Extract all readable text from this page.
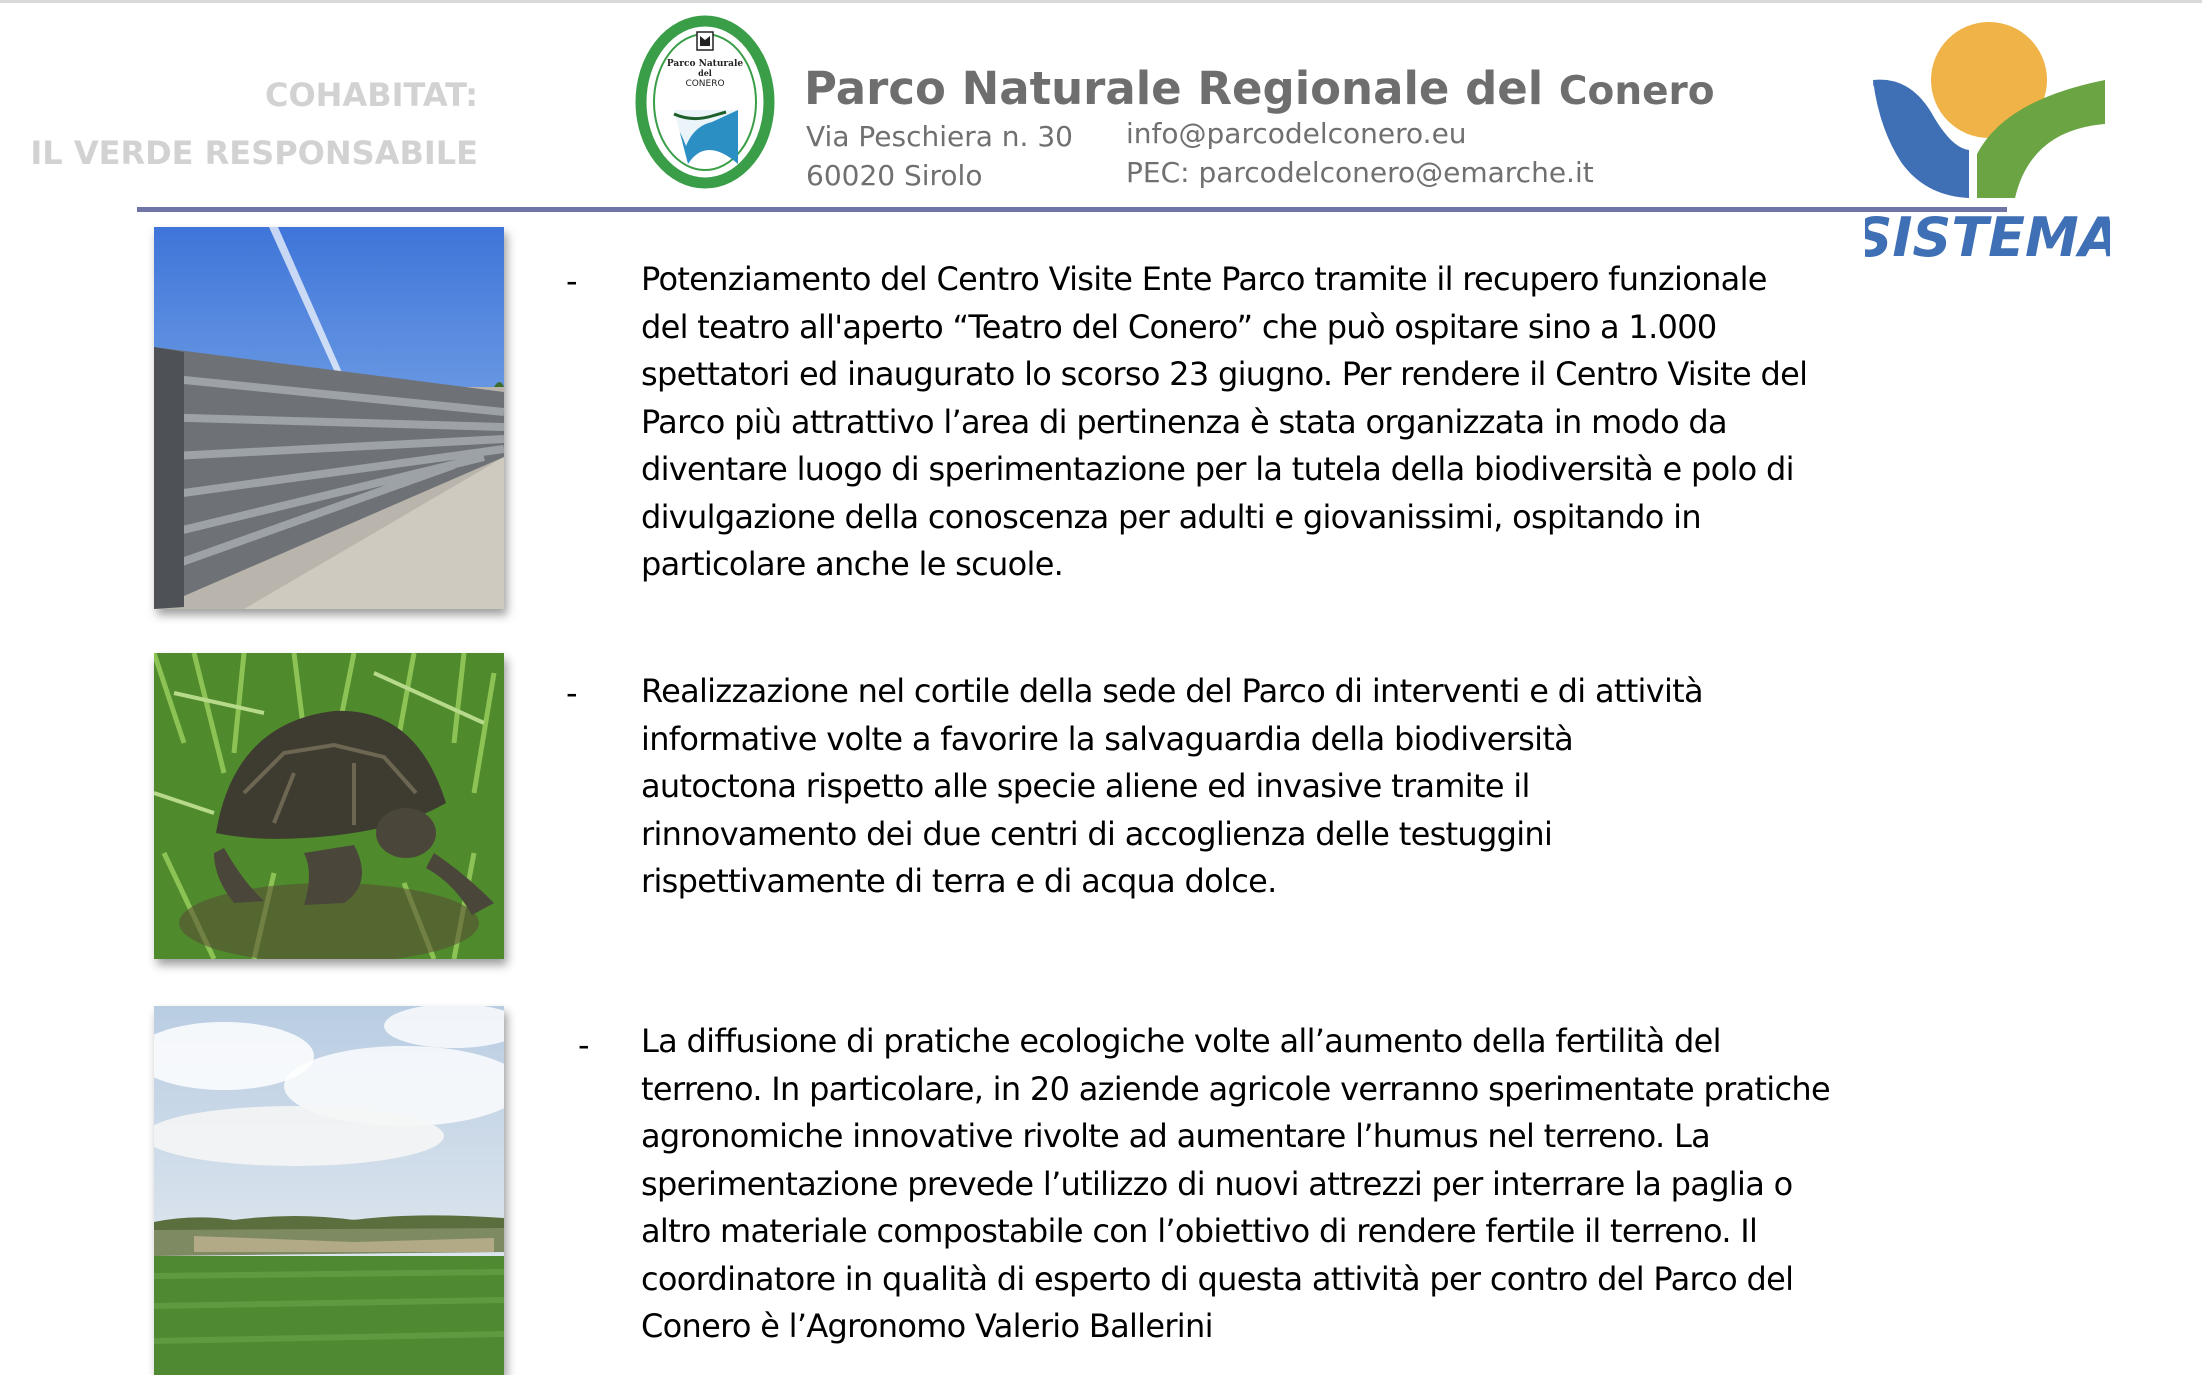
COHABITAT:
IL VERDE RESPONSABILE
Parco Naturale
del
CONERO Parco Naturale Regionale del Conero
Via Peschiera n. 30
60020 Sirolo
info@parcodelconero.eu
PEC: parcodelconero@emarche.it
SISTEMA
- Potenziamento del Centro Visite Ente Parco tramite il recupero funzionale
del teatro all'aperto “Teatro del Conero” che può ospitare sino a 1.000
spettatori ed inaugurato lo scorso 23 giugno. Per rendere il Centro Visite del
Parco più attrattivo l’area di pertinenza è stata organizzata in modo da
diventare luogo di sperimentazione per la tutela della biodiversità e polo di
divulgazione della conoscenza per adulti e giovanissimi, ospitando in
particolare anche le scuole.
- Realizzazione nel cortile della sede del Parco di interventi e di attività
informative volte a favorire la salvaguardia della biodiversità
autoctona rispetto alle specie aliene ed invasive tramite il
rinnovamento dei due centri di accoglienza delle testuggini
rispettivamente di terra e di acqua dolce.
- La diffusione di pratiche ecologiche volte all’aumento della fertilità del
terreno. In particolare, in 20 aziende agricole verranno sperimentate pratiche
agronomiche innovative rivolte ad aumentare l’humus nel terreno. La
sperimentazione prevede l’utilizzo di nuovi attrezzi per interrare la paglia o
altro materiale compostabile con l’obiettivo di rendere fertile il terreno. Il
coordinatore in qualità di esperto di questa attività per contro del Parco del
Conero è l’Agronomo Valerio Ballerini
